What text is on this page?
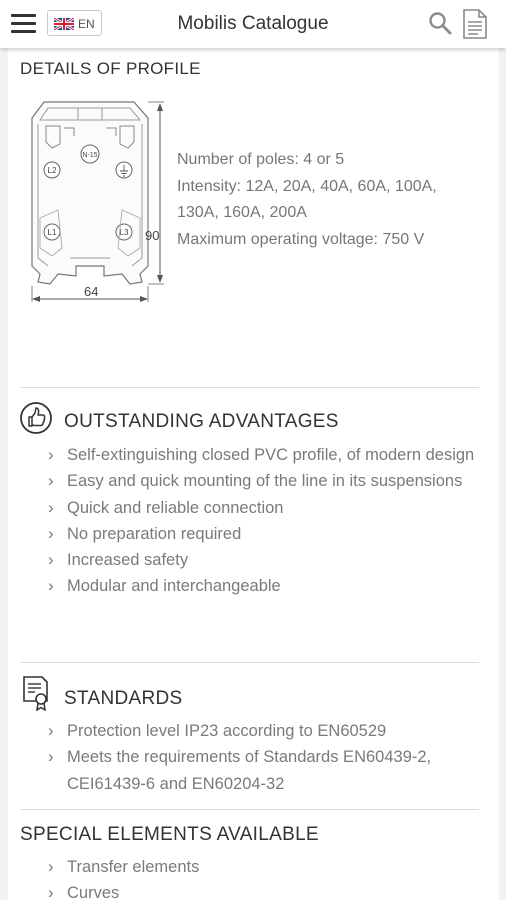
EN	Mobilis Catalogue
DETAILS OF PROFILE
N-15
L2
L1	L3 90
64
Number of poles: 4 or 5
Intensity: 12A, 20A, 40A, 60A, 100A,
130A, 160A, 200A
Maximum operating voltage: 750 V
OUTSTANDING ADVANTAGES
› Self-extinguishing closed PVC profile, of modern design
› Easy and quick mounting of the line in its suspensions
› Quick and reliable connection
› No preparation required
› Increased safety
› Modular and interchangeable
STANDARDS
› Protection level IP23 according to EN60529
› Meets the requirements of Standards EN60439-2, CEI61439-6 and EN60204-32
SPECIAL ELEMENTS AVAILABLE
› Transfer elements
› Curves
